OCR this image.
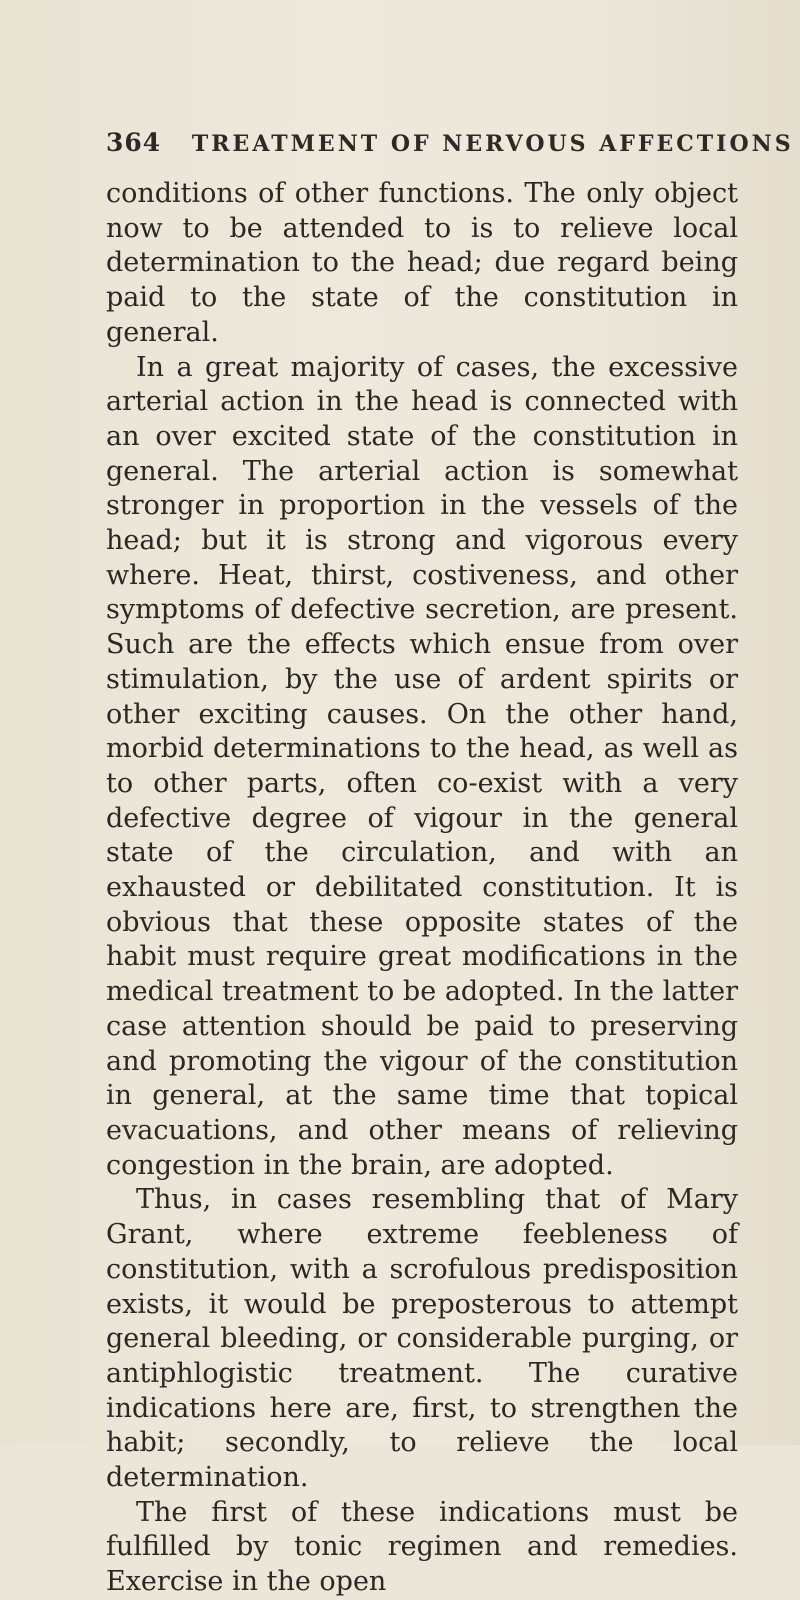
364 TREATMENT OF NERVOUS AFFECTIONS

conditions of other functions. The only object now to be attended to is to relieve local determination to the head; due regard being paid to the state of the constitution in general.

In a great majority of cases, the excessive arterial action in the head is connected with an over excited state of the constitution in general. The arterial action is somewhat stronger in proportion in the vessels of the head; but it is strong and vigorous every where. Heat, thirst, costiveness, and other symptoms of defective secretion, are present. Such are the effects which ensue from over stimulation, by the use of ardent spirits or other exciting causes. On the other hand, morbid determinations to the head, as well as to other parts, often co-exist with a very defective degree of vigour in the general state of the circulation, and with an exhausted or debilitated constitution. It is obvious that these opposite states of the habit must require great modifications in the medical treatment to be adopted. In the latter case attention should be paid to preserving and promoting the vigour of the constitution in general, at the same time that topical evacuations, and other means of relieving congestion in the brain, are adopted.

Thus, in cases resembling that of Mary Grant, where extreme feebleness of constitution, with a scrofulous predisposition exists, it would be preposterous to attempt general bleeding, or considerable purging, or antiphlogistic treatment. The curative indications here are, first, to strengthen the habit; secondly, to relieve the local determination.

The first of these indications must be fulfilled by tonic regimen and remedies. Exercise in the open
